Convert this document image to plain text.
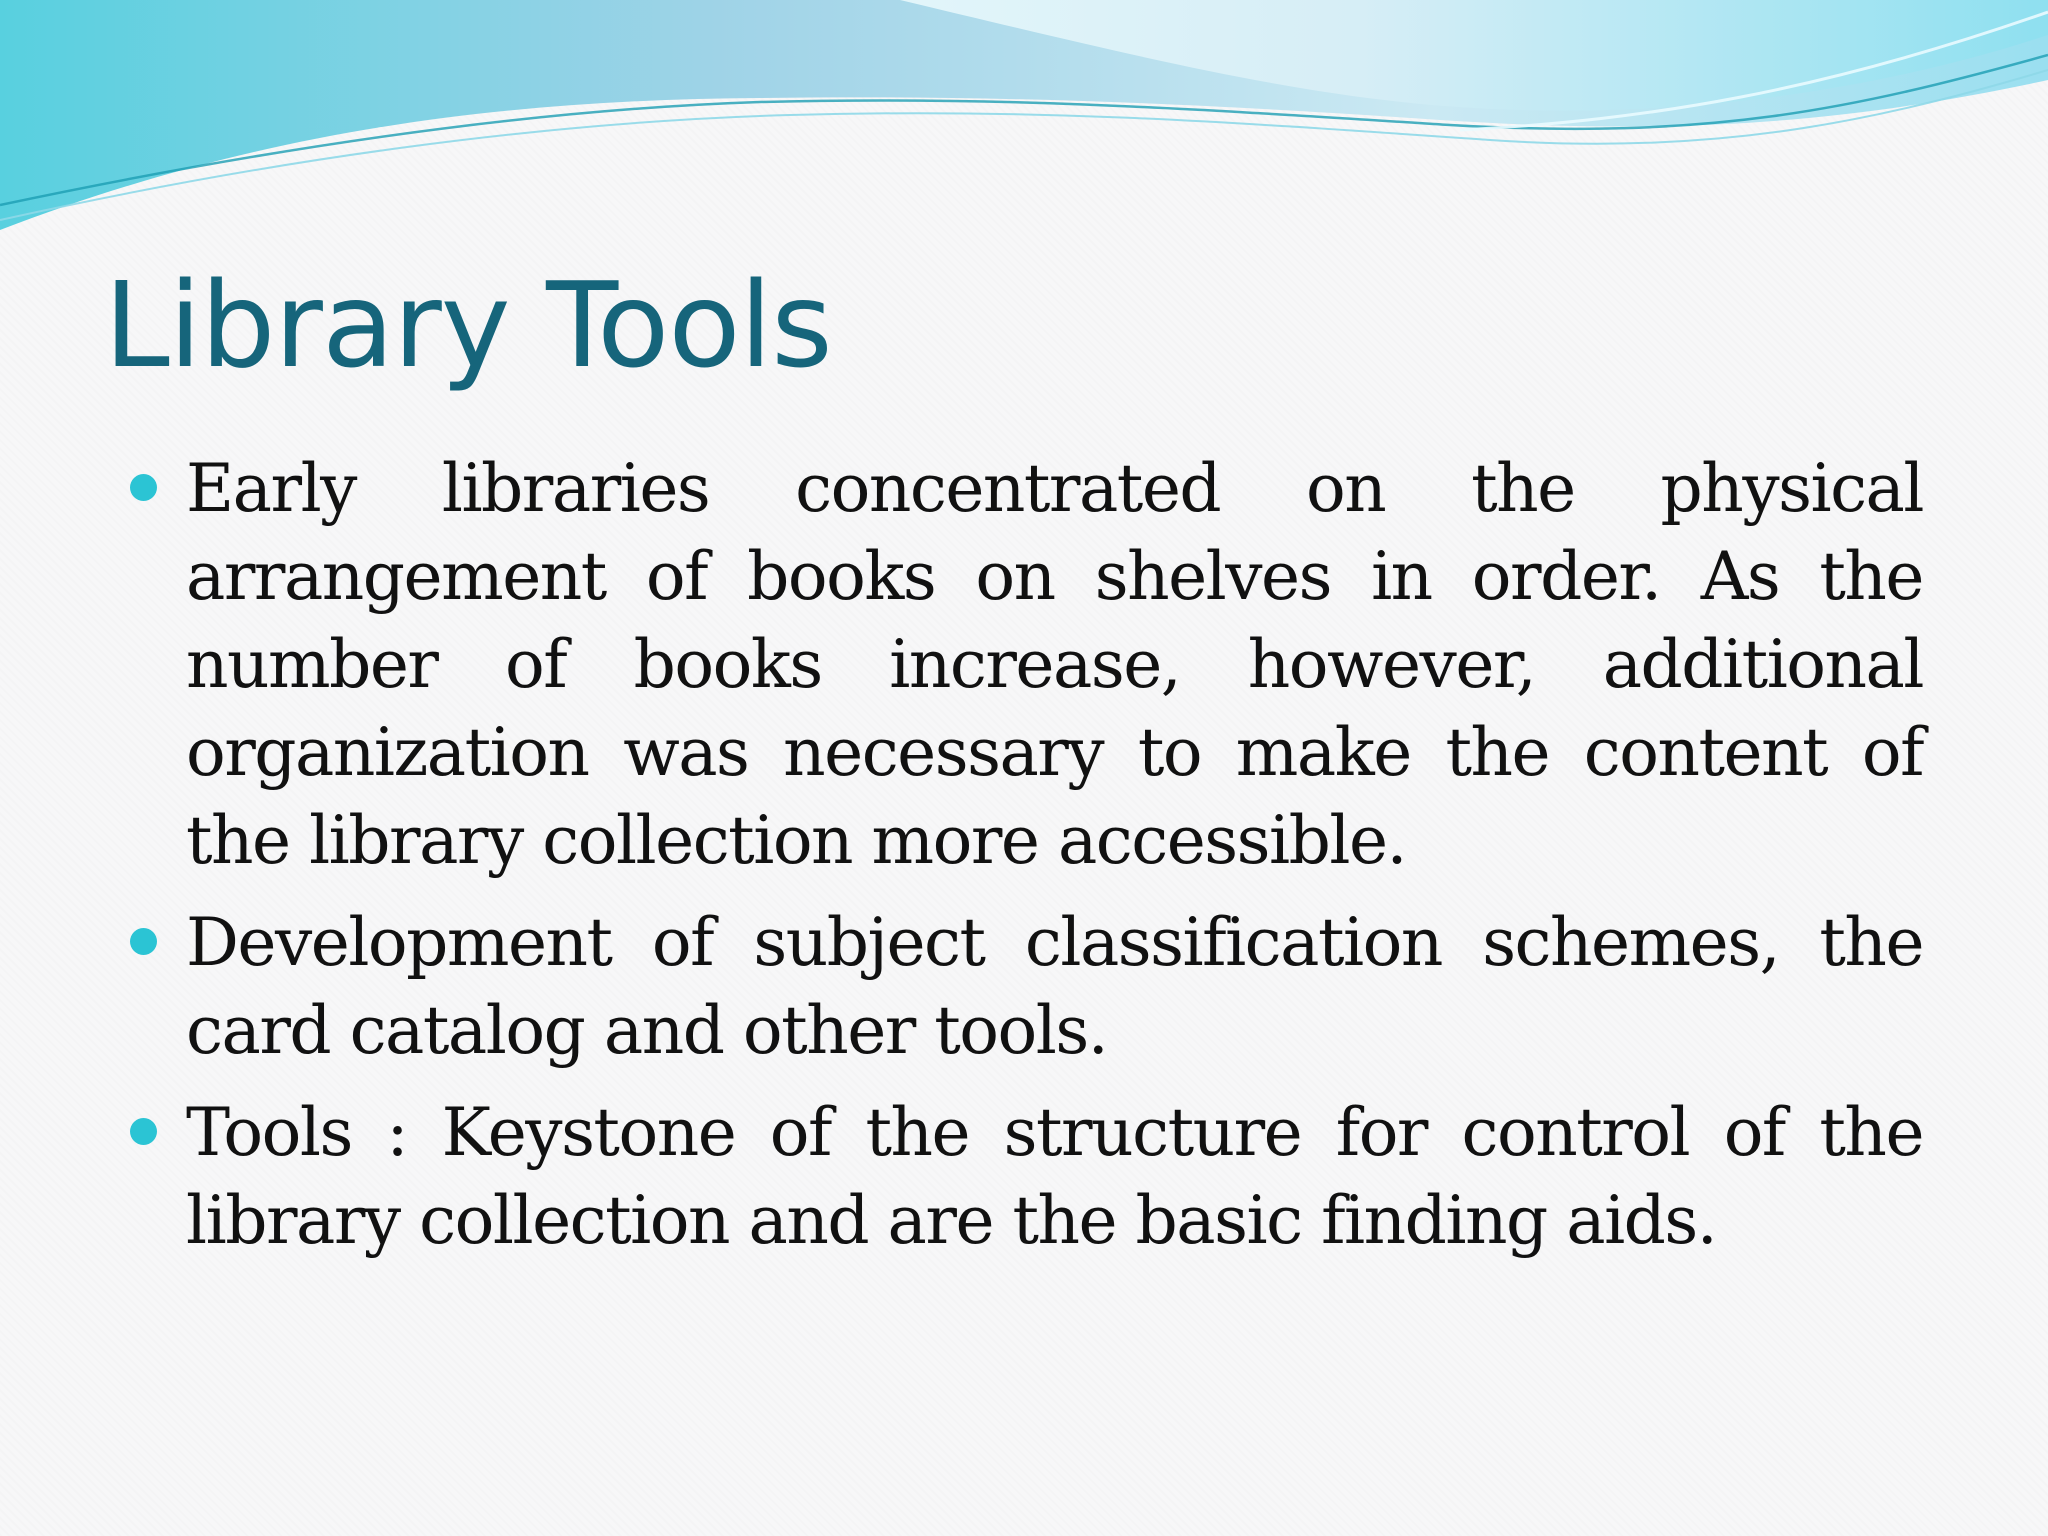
Library Tools
Early libraries concentrated on the physical arrangement of books on shelves in order. As the number of books increase, however, additional organization was necessary to make the content of the library collection more accessible.
Development of subject classification schemes, the card catalog and other tools.
Tools : Keystone of the structure for control of the library collection and are the basic finding aids.
